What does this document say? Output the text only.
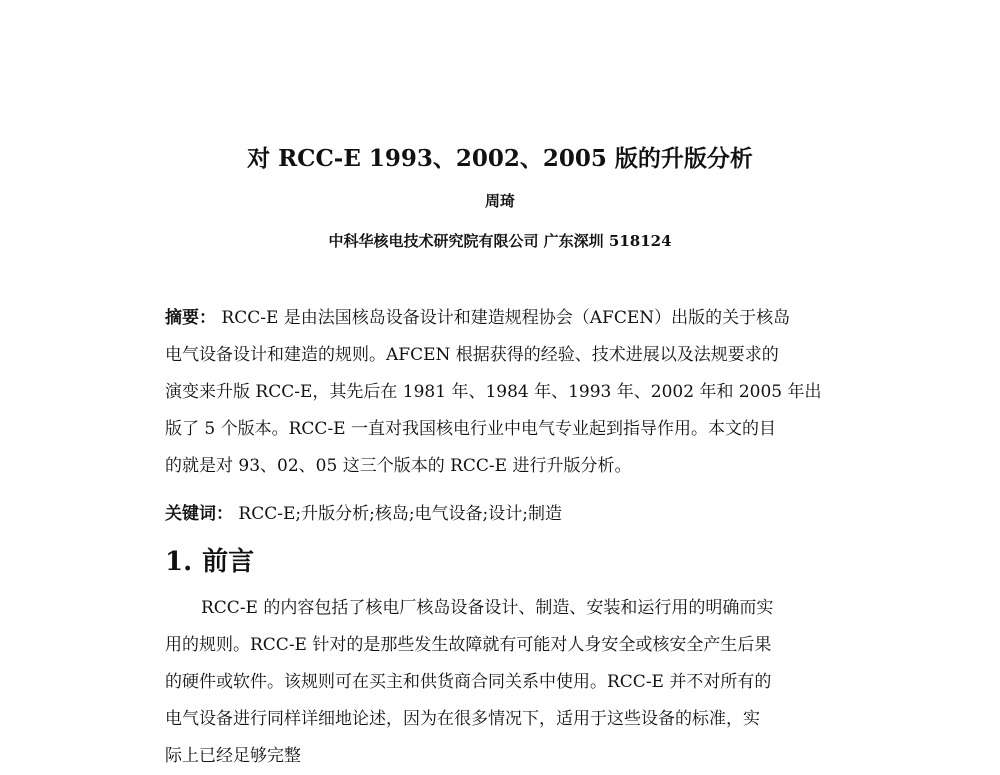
对 RCC-E 1993、2002、2005 版的升版分析
周琦
中科华核电技术研究院有限公司 广东深圳 518124
摘要： RCC-E 是由法国核岛设备设计和建造规程协会（AFCEN）出版的关于核岛
电气设备设计和建造的规则。AFCEN 根据获得的经验、技术进展以及法规要求的
演变来升版 RCC-E，其先后在 1981 年、1984 年、1993 年、2002 年和 2005 年出
版了 5 个版本。RCC-E 一直对我国核电行业中电气专业起到指导作用。本文的目
的就是对 93、02、05 这三个版本的 RCC-E 进行升版分析。
关键词： RCC-E;升版分析;核岛;电气设备;设计;制造
1. 前言
RCC-E 的内容包括了核电厂核岛设备设计、制造、安装和运行用的明确而实
用的规则。RCC-E 针对的是那些发生故障就有可能对人身安全或核安全产生后果
的硬件或软件。该规则可在买主和供货商合同关系中使用。RCC-E 并不对所有的
电气设备进行同样详细地论述，因为在很多情况下，适用于这些设备的标准，实
际上已经足够完整
